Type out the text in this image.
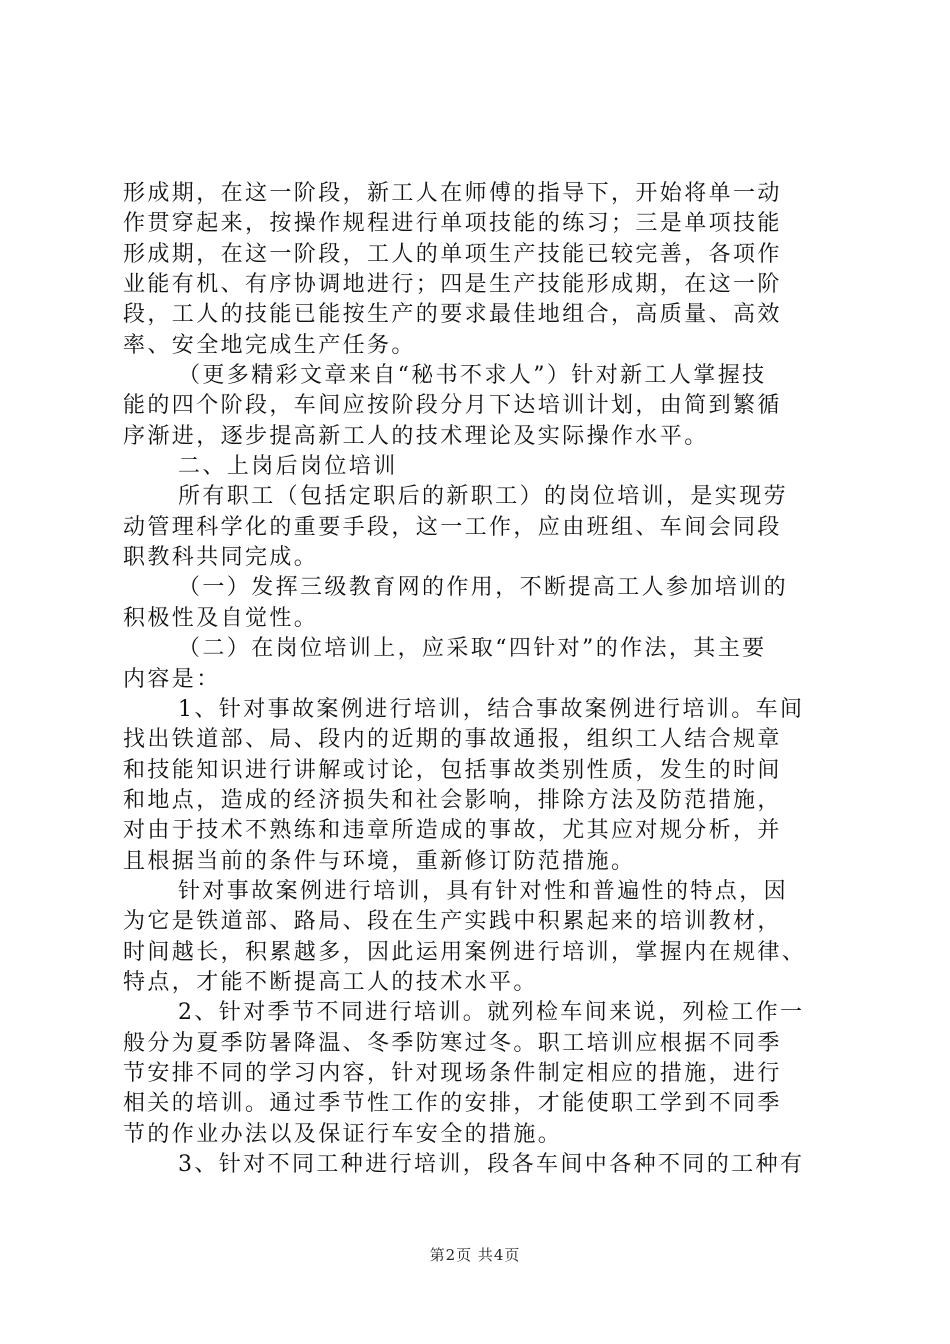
形成期，在这一阶段，新工人在师傅的指导下，开始将单一动
作贯穿起来，按操作规程进行单项技能的练习；三是单项技能
形成期，在这一阶段，工人的单项生产技能已较完善，各项作
业能有机、有序协调地进行；四是生产技能形成期，在这一阶
段，工人的技能已能按生产的要求最佳地组合，高质量、高效
率、安全地完成生产任务。
（更多精彩文章来自“秘书不求人”）针对新工人掌握技
能的四个阶段，车间应按阶段分月下达培训计划，由简到繁循
序渐进，逐步提高新工人的技术理论及实际操作水平。
二、上岗后岗位培训
所有职工（包括定职后的新职工）的岗位培训，是实现劳
动管理科学化的重要手段，这一工作，应由班组、车间会同段
职教科共同完成。
（一）发挥三级教育网的作用，不断提高工人参加培训的
积极性及自觉性。
（二）在岗位培训上，应采取“四针对”的作法，其主要
内容是：
1、针对事故案例进行培训，结合事故案例进行培训。车间
找出铁道部、局、段内的近期的事故通报，组织工人结合规章
和技能知识进行讲解或讨论，包括事故类别性质，发生的时间
和地点，造成的经济损失和社会影响，排除方法及防范措施，
对由于技术不熟练和违章所造成的事故，尤其应对规分析，并
且根据当前的条件与环境，重新修订防范措施。
针对事故案例进行培训，具有针对性和普遍性的特点，因
为它是铁道部、路局、段在生产实践中积累起来的培训教材，
时间越长，积累越多，因此运用案例进行培训，掌握内在规律、
特点，才能不断提高工人的技术水平。
2、针对季节不同进行培训。就列检车间来说，列检工作一
般分为夏季防暑降温、冬季防寒过冬。职工培训应根据不同季
节安排不同的学习内容，针对现场条件制定相应的措施，进行
相关的培训。通过季节性工作的安排，才能使职工学到不同季
节的作业办法以及保证行车安全的措施。
3、针对不同工种进行培训，段各车间中各种不同的工种有
第2页 共4页
